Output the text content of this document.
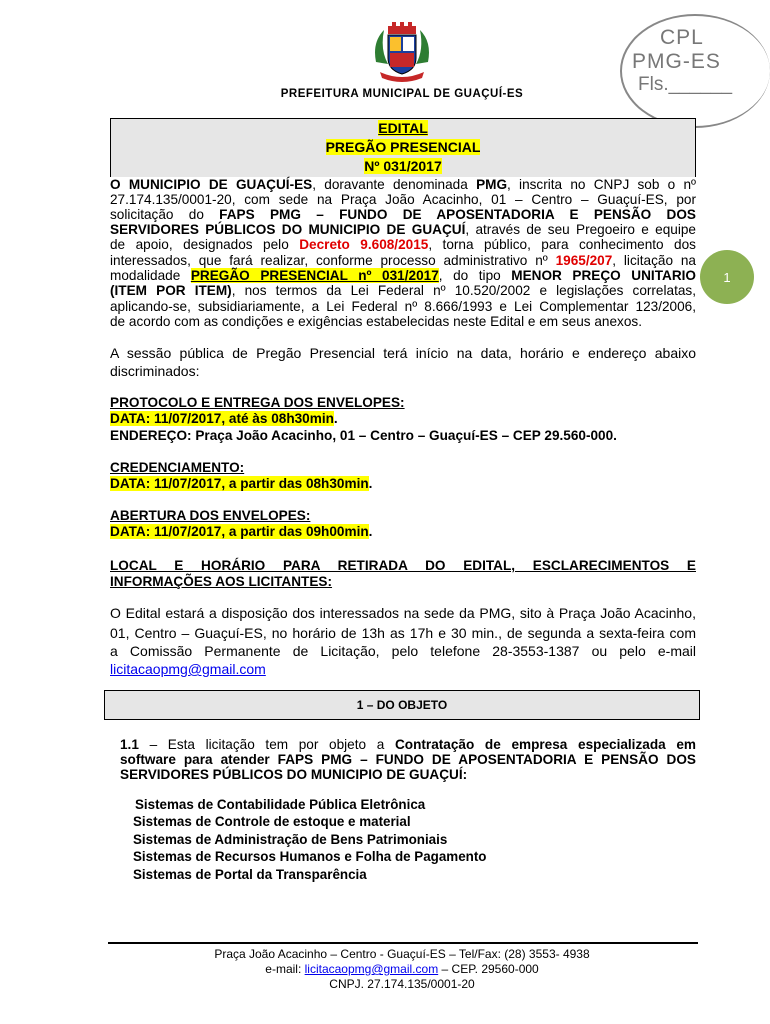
CPL
PMG-ES
Fls.______
PREFEITURA MUNICIPAL DE GUAÇUÍ-ES
EDITAL
PREGÃO PRESENCIAL
Nº 031/2017
O MUNICIPIO DE GUAÇUÍ-ES, doravante denominada PMG, inscrita no CNPJ sob o nº
27.174.135/0001-20, com sede na Praça João Acacinho, 01 – Centro – Guaçuí-ES, por
solicitação do FAPS PMG – FUNDO DE APOSENTADORIA E PENSÃO DOS
SERVIDORES PÚBLICOS DO MUNICIPIO DE GUAÇUÍ, através de seu Pregoeiro e equipe
de apoio, designados pelo Decreto 9.608/2015, torna público, para conhecimento dos
interessados, que fará realizar, conforme processo administrativo nº 1965/207, licitação na
modalidade PREGÃO PRESENCIAL nº 031/2017, do tipo MENOR PREÇO UNITARIO
(ITEM POR ITEM), nos termos da Lei Federal nº 10.520/2002 e legislações correlatas,
aplicando-se, subsidiariamente, a Lei Federal nº 8.666/1993 e Lei Complementar 123/2006,
de acordo com as condições e exigências estabelecidas neste Edital e em seus anexos.
1
A sessão pública de Pregão Presencial terá início na data, horário e endereço abaixo
discriminados:
PROTOCOLO E ENTREGA DOS ENVELOPES:
DATA: 11/07/2017, até às 08h30min.
ENDEREÇO: Praça João Acacinho, 01 – Centro – Guaçuí-ES – CEP 29.560-000.
CREDENCIAMENTO:
DATA: 11/07/2017, a partir das 08h30min.
ABERTURA DOS ENVELOPES:
DATA: 11/07/2017, a partir das 09h00min.
LOCAL E HORÁRIO PARA RETIRADA DO EDITAL, ESCLARECIMENTOS E
INFORMAÇÕES AOS LICITANTES:
O Edital estará a disposição dos interessados na sede da PMG, sito à Praça João Acacinho,
01, Centro – Guaçuí-ES, no horário de 13h as 17h e 30 min., de segunda a sexta-feira com
a Comissão Permanente de Licitação, pelo telefone 28-3553-1387 ou pelo e-mail
licitacaopmg@gmail.com
1 – DO OBJETO
1.1 – Esta licitação tem por objeto a Contratação de empresa especializada em
software para atender FAPS PMG – FUNDO DE APOSENTADORIA E PENSÃO DOS
SERVIDORES PÚBLICOS DO MUNICIPIO DE GUAÇUÍ:
Sistemas de Contabilidade Pública Eletrônica
Sistemas de Controle de estoque e material
Sistemas de Administração de Bens Patrimoniais
Sistemas de Recursos Humanos e Folha de Pagamento
Sistemas de Portal da Transparência
Praça João Acacinho – Centro - Guaçuí-ES – Tel/Fax: (28) 3553- 4938
e-mail: licitacaopmg@gmail.com – CEP. 29560-000
CNPJ. 27.174.135/0001-20
